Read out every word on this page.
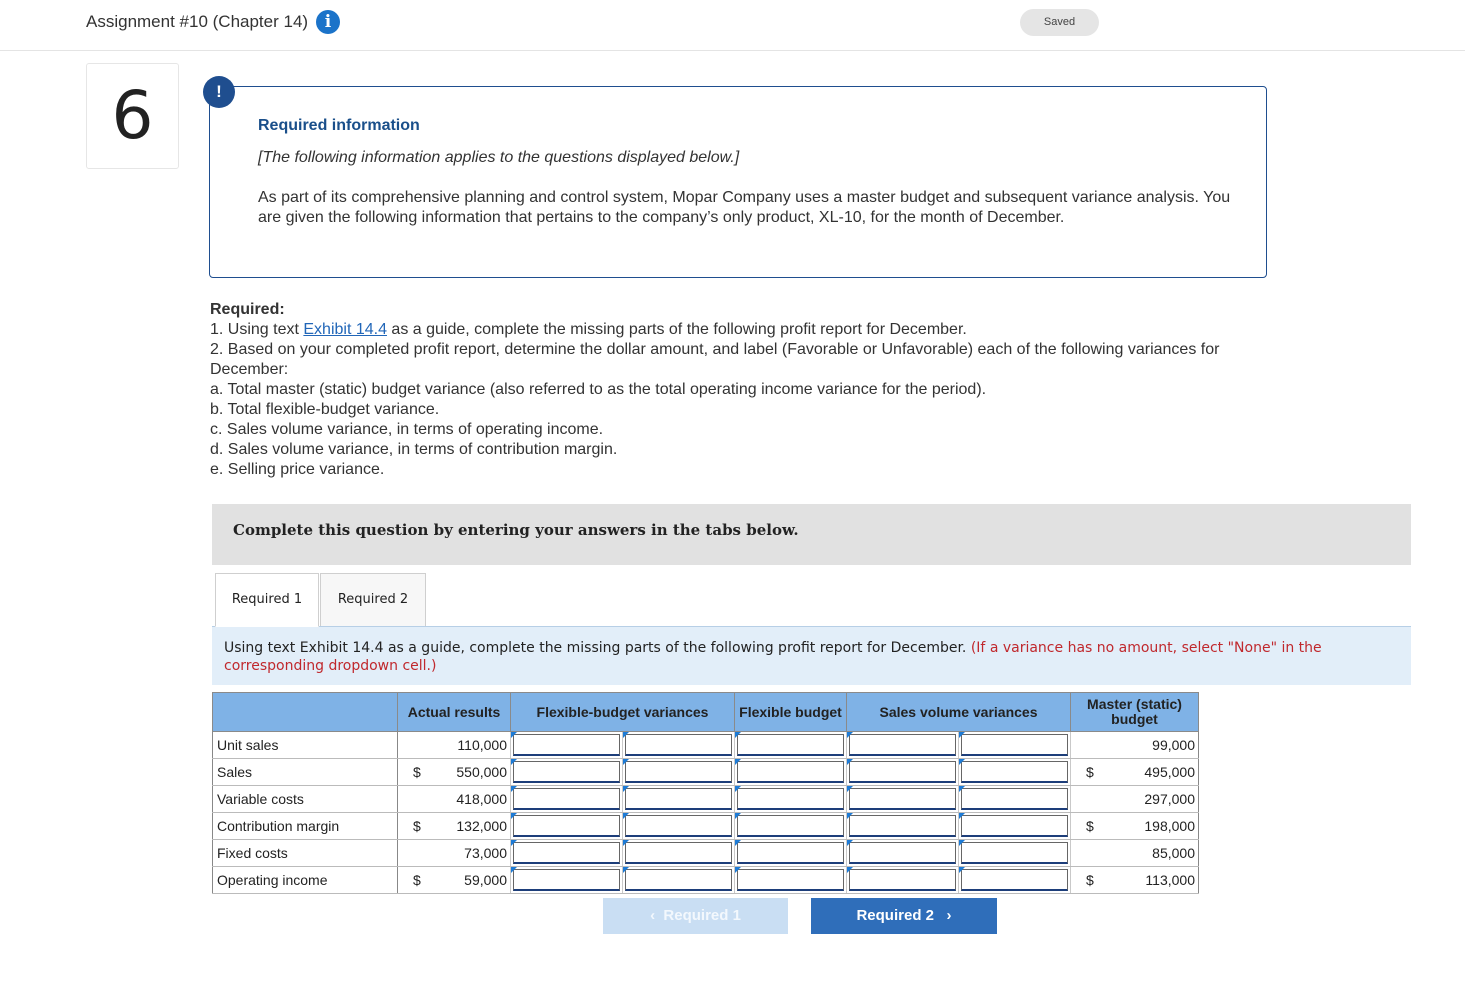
Assignment #10 (Chapter 14) i	Saved
6	!
Required information
[The following information applies to the questions displayed below.]
As part of its comprehensive planning and control system, Mopar Company uses a master budget and subsequent variance analysis. You are given the following information that pertains to the company’s only product, XL-10, for the month of December.
Required:
1. Using text Exhibit 14.4 as a guide, complete the missing parts of the following profit report for December.
2. Based on your completed profit report, determine the dollar amount, and label (Favorable or Unfavorable) each of the following variances for December:
a. Total master (static) budget variance (also referred to as the total operating income variance for the period).
b. Total flexible-budget variance.
c. Sales volume variance, in terms of operating income.
d. Sales volume variance, in terms of contribution margin.
e. Selling price variance.
Complete this question by entering your answers in the tabs below.
Required 1	Required 2
Using text Exhibit 14.4 as a guide, complete the missing parts of the following profit report for December. (If a variance has no amount, select "None" in the corresponding dropdown cell.)
	Actual results		Flexible-budget variances		Flexible budget	Sales volume variances		Master (static) budget	
Unit sales		110,000							99,000
Sales	$	550,000						$	495,000
Variable costs		418,000							297,000
Contribution margin	$	132,000						$	198,000
Fixed costs		73,000							85,000
Operating income	$	59,000						$	113,000
‹ Required 1	Required 2 ›
